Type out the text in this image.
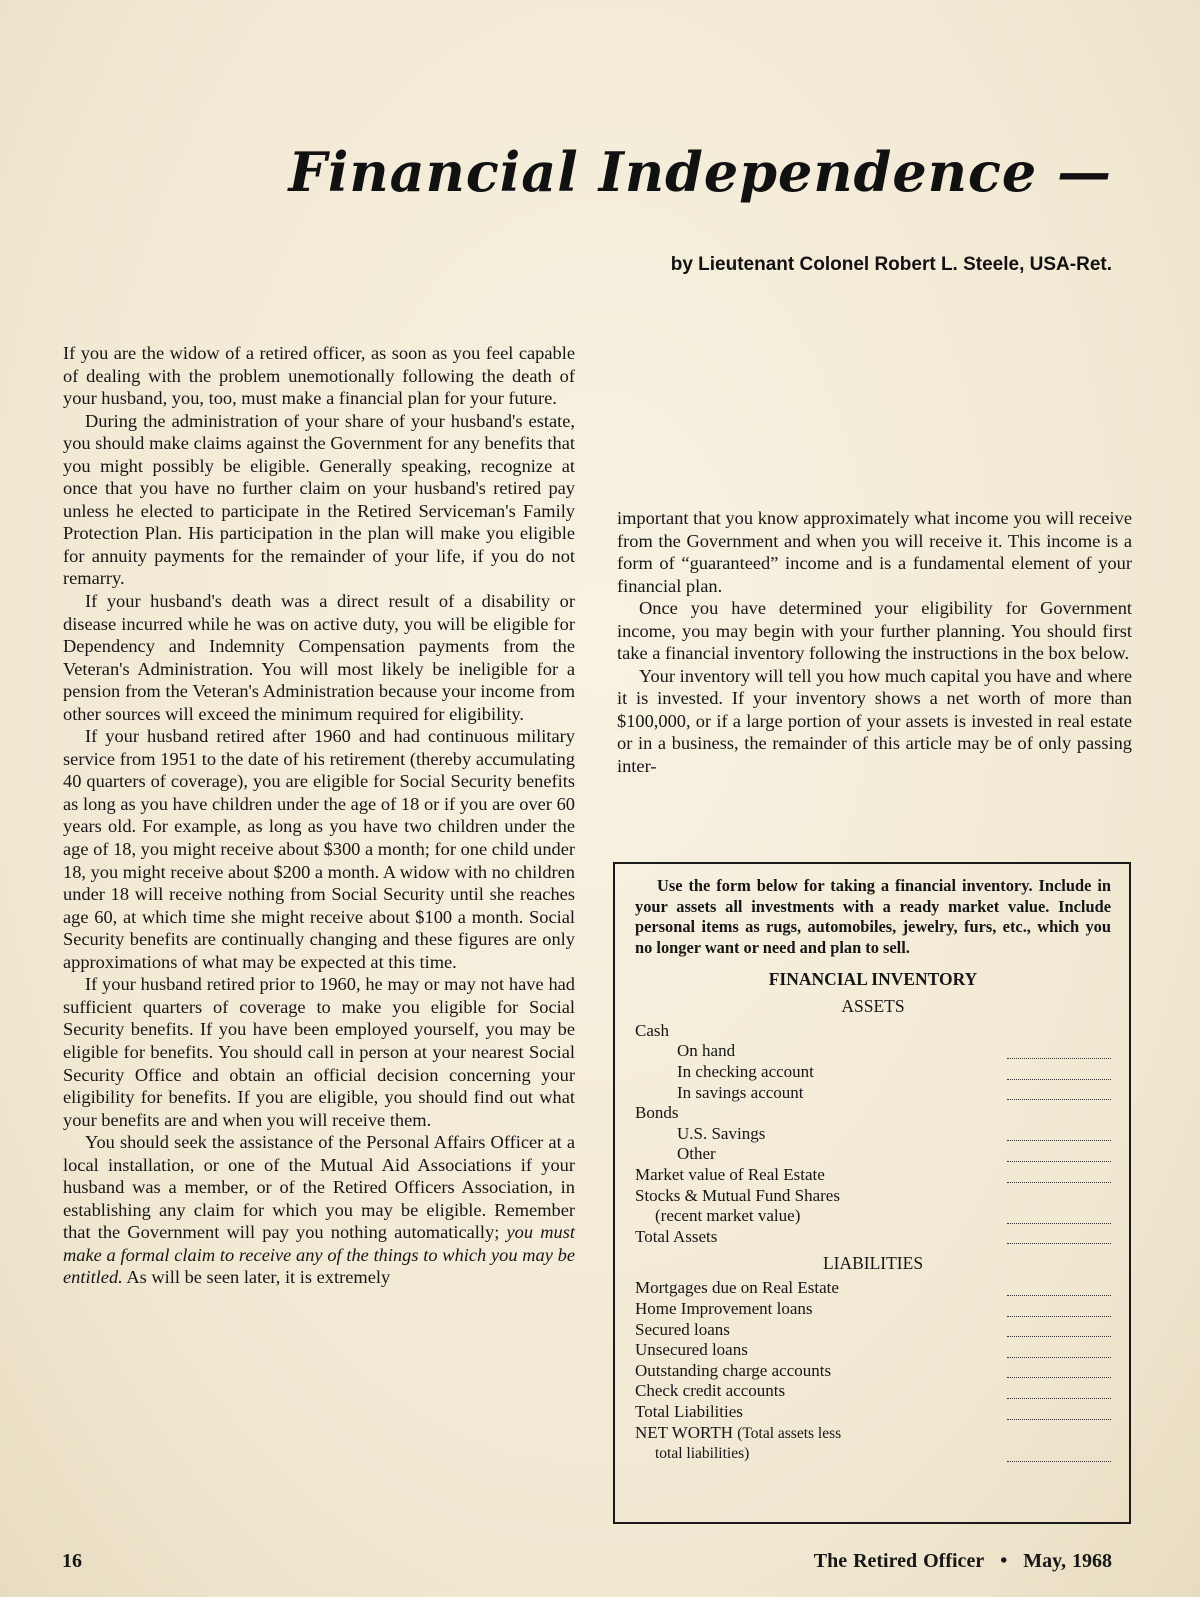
Financial Independence —
by Lieutenant Colonel Robert L. Steele, USA-Ret.

If you are the widow of a retired officer, as soon as you feel capable of dealing with the problem unemotionally following the death of your husband, you, too, must make a financial plan for your future.

During the administration of your share of your husband's estate, you should make claims against the Government for any benefits that you might possibly be eligible. Generally speaking, recognize at once that you have no further claim on your husband's retired pay unless he elected to participate in the Retired Serviceman's Family Protection Plan. His participation in the plan will make you eligible for annuity payments for the remainder of your life, if you do not remarry.

If your husband's death was a direct result of a disability or disease incurred while he was on active duty, you will be eligible for Dependency and Indemnity Compensation payments from the Veteran's Administration. You will most likely be ineligible for a pension from the Veteran's Administration because your income from other sources will exceed the minimum required for eligibility.

If your husband retired after 1960 and had continuous military service from 1951 to the date of his retirement (thereby accumulating 40 quarters of coverage), you are eligible for Social Security benefits as long as you have children under the age of 18 or if you are over 60 years old. For example, as long as you have two children under the age of 18, you might receive about $300 a month; for one child under 18, you might receive about $200 a month. A widow with no children under 18 will receive nothing from Social Security until she reaches age 60, at which time she might receive about $100 a month. Social Security benefits are continually changing and these figures are only approximations of what may be expected at this time.

If your husband retired prior to 1960, he may or may not have had sufficient quarters of coverage to make you eligible for Social Security benefits. If you have been employed yourself, you may be eligible for benefits. You should call in person at your nearest Social Security Office and obtain an official decision concerning your eligibility for benefits. If you are eligible, you should find out what your benefits are and when you will receive them.

You should seek the assistance of the Personal Affairs Officer at a local installation, or one of the Mutual Aid Associations if your husband was a member, or of the Retired Officers Association, in establishing any claim for which you may be eligible. Remember that the Government will pay you nothing automatically; you must make a formal claim to receive any of the things to which you may be entitled. As will be seen later, it is extremely

important that you know approximately what income you will receive from the Government and when you will receive it. This income is a form of “guaranteed” income and is a fundamental element of your financial plan.

Once you have determined your eligibility for Government income, you may begin with your further planning. You should first take a financial inventory following the instructions in the box below.

Your inventory will tell you how much capital you have and where it is invested. If your inventory shows a net worth of more than $100,000, or if a large portion of your assets is invested in real estate or in a business, the remainder of this article may be of only passing inter-

Use the form below for taking a financial inventory. Include in your assets all investments with a ready market value. Include personal items as rugs, automobiles, jewelry, furs, etc., which you no longer want or need and plan to sell.

FINANCIAL INVENTORY
ASSETS
Cash
On hand
In checking account
In savings account
Bonds
U.S. Savings
Other
Market value of Real Estate
Stocks & Mutual Fund Shares
(recent market value)
Total Assets
LIABILITIES
Mortgages due on Real Estate
Home Improvement loans
Secured loans
Unsecured loans
Outstanding charge accounts
Check credit accounts
Total Liabilities
NET WORTH (Total assets less
total liabilities)
16	The Retired Officer • May, 1968
